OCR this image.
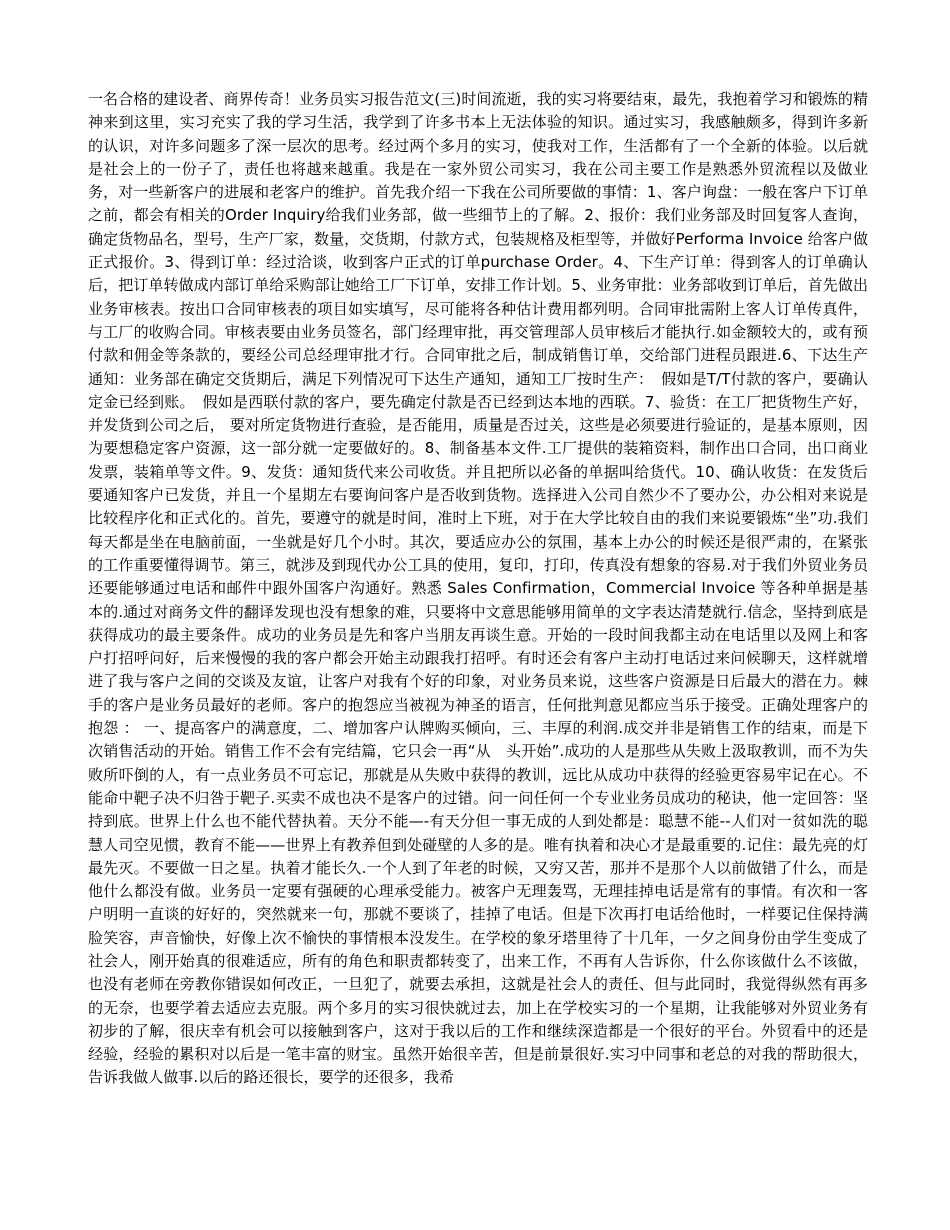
一名合格的建设者、商界传奇！业务员实习报告范文(三)时间流逝，我的实习将要结束，最先，我抱着学习和锻炼的精神来到这里，实习充实了我的学习生活，我学到了许多书本上无法体验的知识。通过实习，我感触颇多，得到许多新的认识，对许多问题多了深一层次的思考。经过两个多月的实习，使我对工作，生活都有了一个全新的体验。以后就是社会上的一份子了，责任也将越来越重。我是在一家外贸公司实习，我在公司主要工作是熟悉外贸流程以及做业务，对一些新客户的进展和老客户的维护。首先我介绍一下我在公司所要做的事情：1、客户询盘：一般在客户下订单之前，都会有相关的Order Inquiry给我们业务部，做一些细节上的了解。2、报价：我们业务部及时回复客人查询，确定货物品名，型号，生产厂家，数量，交货期，付款方式，包装规格及柜型等，并做好Performa Invoice 给客户做正式报价。3、得到订单：经过洽谈，收到客户正式的订单purchase Order。4、下生产订单：得到客人的订单确认后，把订单转做成内部订单给采购部让她给工厂下订单，安排工作计划。5、业务审批：业务部收到订单后，首先做出业务审核表。按出口合同审核表的项目如实填写，尽可能将各种估计费用都列明。合同审批需附上客人订单传真件，与工厂的收购合同。审核表要由业务员签名，部门经理审批，再交管理部人员审核后才能执行.如金额较大的，或有预付款和佣金等条款的，要经公司总经理审批才行。合同审批之后，制成销售订单，交给部门进程员跟进.6、下达生产通知：业务部在确定交货期后，满足下列情况可下达生产通知，通知工厂按时生产：　假如是T/T付款的客户，要确认定金已经到账。　假如是西联付款的客户，要先确定付款是否已经到达本地的西联。7、验货：在工厂把货物生产好，并发货到公司之后， 要对所定货物进行查验，是否能用，质量是否过关，这些是必须要进行验证的，是基本原则，因为要想稳定客户资源，这一部分就一定要做好的。8、制备基本文件.工厂提供的装箱资料，制作出口合同，出口商业发票，装箱单等文件。9、发货：通知货代来公司收货。并且把所以必备的单据叫给货代。10、确认收货：在发货后要通知客户已发货，并且一个星期左右要询问客户是否收到货物。选择进入公司自然少不了要办公，办公相对来说是比较程序化和正式化的。首先，要遵守的就是时间，准时上下班，对于在大学比较自由的我们来说要锻炼“坐”功.我们每天都是坐在电脑前面，一坐就是好几个小时。其次，要适应办公的氛围，基本上办公的时候还是很严肃的，在紧张的工作重要懂得调节。第三，就涉及到现代办公工具的使用，复印，打印，传真没有想象的容易.对于我们外贸业务员还要能够通过电话和邮件中跟外国客户沟通好。熟悉 Sales Confirmation，Commercial Invoice 等各种单据是基本的.通过对商务文件的翻译发现也没有想象的难，只要将中文意思能够用简单的文字表达清楚就行.信念，坚持到底是获得成功的最主要条件。成功的业务员是先和客户当朋友再谈生意。开始的一段时间我都主动在电话里以及网上和客户打招呼问好，后来慢慢的我的客户都会开始主动跟我打招呼。有时还会有客户主动打电话过来问候聊天，这样就增进了我与客户之间的交谈及友谊，让客户对我有个好的印象，对业务员来说，这些客户资源是日后最大的潜在力。棘手的客户是业务员最好的老师。客户的抱怨应当被视为神圣的语言，任何批判意见都应当乐于接受。正确处理客户的抱怨 ： 一、提高客户的满意度，二、增加客户认牌购买倾向，三、丰厚的利润.成交并非是销售工作的结束，而是下次销售活动的开始。销售工作不会有完结篇，它只会一再“从　头开始”.成功的人是那些从失败上汲取教训，而不为失败所吓倒的人，有一点业务员不可忘记，那就是从失败中获得的教训，远比从成功中获得的经验更容易牢记在心。不能命中靶子决不归咎于靶子.买卖不成也决不是客户的过错。问一问任何一个专业业务员成功的秘诀，他一定回答：坚持到底。世界上什么也不能代替执着。天分不能—-有天分但一事无成的人到处都是：聪慧不能--人们对一贫如洗的聪慧人司空见惯，教育不能——世界上有教养但到处碰壁的人多的是。唯有执着和决心才是最重要的.记住：最先亮的灯最先灭。不要做一日之星。执着才能长久.一个人到了年老的时候，又穷又苦，那并不是那个人以前做错了什么，而是他什么都没有做。业务员一定要有强硬的心理承受能力。被客户无理轰骂，无理挂掉电话是常有的事情。有次和一客户明明一直谈的好好的，突然就来一句，那就不要谈了，挂掉了电话。但是下次再打电话给他时，一样要记住保持满脸笑容，声音愉快，好像上次不愉快的事情根本没发生。在学校的象牙塔里待了十几年，一夕之间身份由学生变成了社会人，刚开始真的很难适应，所有的角色和职责都转变了，出来工作，不再有人告诉你，什么你该做什么不该做，也没有老师在旁教你错误如何改正，一旦犯了，就要去承担，这就是社会人的责任、但与此同时，我觉得纵然有再多的无奈，也要学着去适应去克服。两个多月的实习很快就过去，加上在学校实习的一个星期，让我能够对外贸业务有初步的了解，很庆幸有机会可以接触到客户，这对于我以后的工作和继续深造都是一个很好的平台。外贸看中的还是经验，经验的累积对以后是一笔丰富的财宝。虽然开始很辛苦，但是前景很好.实习中同事和老总的对我的帮助很大，告诉我做人做事.以后的路还很长，要学的还很多，我希
